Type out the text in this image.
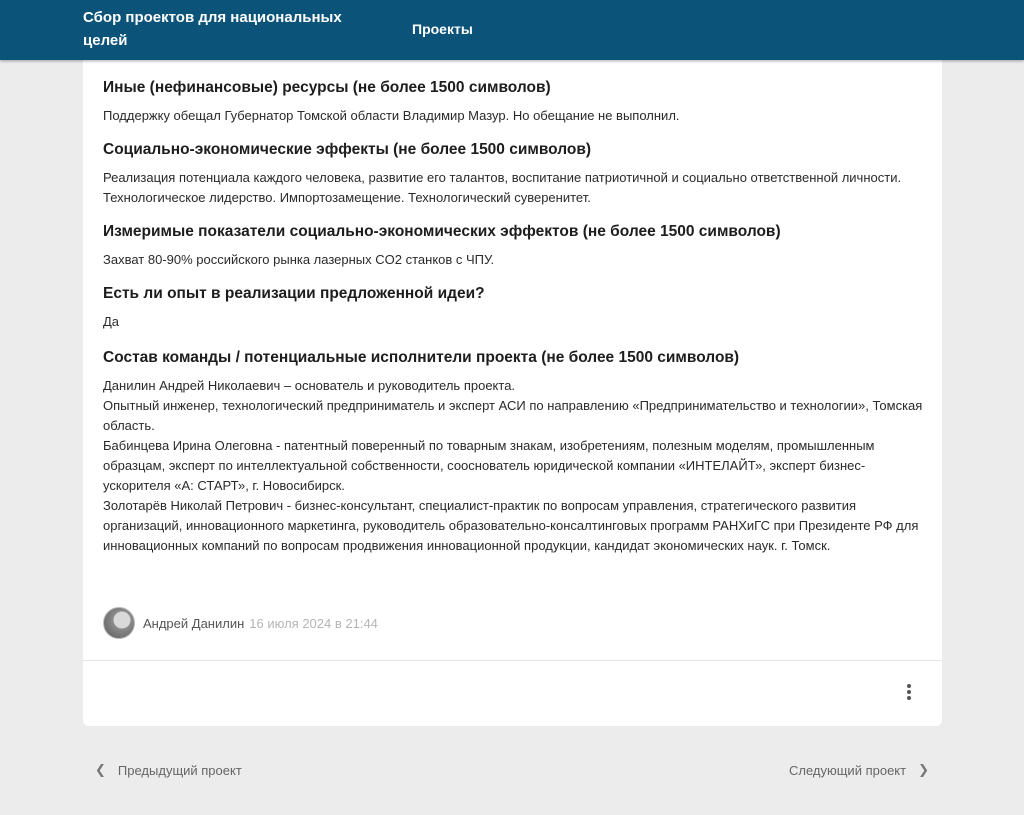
Сбор проектов для национальных целей
Проекты
Иные (нефинансовые) ресурсы (не более 1500 символов)

Поддержку обещал Губернатор Томской области Владимир Мазур. Но обещание не выполнил.

Социально-экономические эффекты (не более 1500 символов)

Реализация потенциала каждого человека, развитие его талантов, воспитание патриотичной и социально ответственной личности. Технологическое лидерство. Импортозамещение. Технологический суверенитет.

Измеримые показатели социально-экономических эффектов (не более 1500 символов)

Захват 80-90% российского рынка лазерных CO2 станков с ЧПУ.

Есть ли опыт в реализации предложенной идеи?

Да

Состав команды / потенциальные исполнители проекта (не более 1500 символов)

Данилин Андрей Николаевич – основатель и руководитель проекта.
Опытный инженер, технологический предприниматель и эксперт АСИ по направлению «Предпринимательство и технологии», Томская область.
Бабинцева Ирина Олеговна - патентный поверенный по товарным знакам, изобретениям, полезным моделям, промышленным образцам, эксперт по интеллектуальной собственности, сооснователь юридической компании «ИНТЕЛАЙТ», эксперт бизнес-ускорителя «А: СТАРТ», г. Новосибирск.
Золотарёв Николай Петрович - бизнес-консультант, специалист-практик по вопросам управления, стратегического развития организаций, инновационного маркетинга, руководитель образовательно-консалтинговых программ РАНХиГС при Президенте РФ для инновационных компаний по вопросам продвижения инновационной продукции, кандидат экономических наук. г. Томск.

Андрей Данилин 16 июля 2024 в 21:44
❮ Предыдущий проект	Следующий проект ❯
